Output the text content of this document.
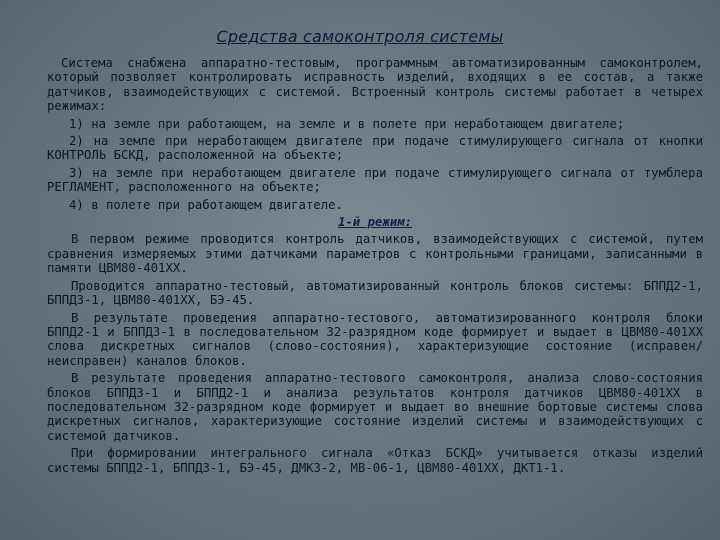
Средства самоконтроля системы

Система снабжена аппаратно-тестовым, программным автоматизированным самоконтролем, который позволяет контролировать исправность изделий, входящих в ее состав, а также датчиков, взаимодействующих с системой. Встроенный контроль системы работает в четырех режимах:

1) на земле при работающем, на земле и в полете при неработающем двигателе;

2) на земле при неработающем двигателе при подаче стимулирующего сигнала от кнопки КОНТРОЛЬ БСКД, расположенной на объекте;

3) на земле при неработающем двигателе при подаче стимулирующего сигнала от тумблера РЕГЛАМЕНТ, расположенного на объекте;

4) в полете при работающем двигателе.

1-й режим:

В первом режиме проводится контроль датчиков, взаимодействующих с системой, путем сравнения измеряемых этими датчиками параметров с контрольными границами, записанными в памяти ЦВМ80-401ХХ.

Проводится аппаратно-тестовый, автоматизированный контроль блоков системы: БППД2-1, БППДЗ-1, ЦВМ80-401ХХ, БЭ-45.

В результате проведения аппаратно-тестового, автоматизированного контроля блоки БППД2-1 и БППДЗ-1 в последовательном 32-разрядном коде формирует и выдает в ЦВМ80-401ХХ слова дискретных сигналов (слово-состояния), характеризующие состояние (исправен/неисправен) каналов блоков.

В результате проведения аппаратно-тестового самоконтроля, анализа слово-состояния блоков БППДЗ-1 и БППД2-1 и анализа результатов контроля датчиков ЦВМ80-401ХХ в последовательном 32-разрядном коде формирует и выдает во внешние бортовые системы слова дискретных сигналов, характеризующие состояние изделий системы и взаимодействующих с системой датчиков.

При формировании интегрального сигнала «Отказ БСКД» учитывается отказы изделий системы БППД2-1, БППДЗ-1, БЭ-45, ДМКЗ-2, МВ-06-1, ЦВМ80-401ХХ, ДКТ1-1.
